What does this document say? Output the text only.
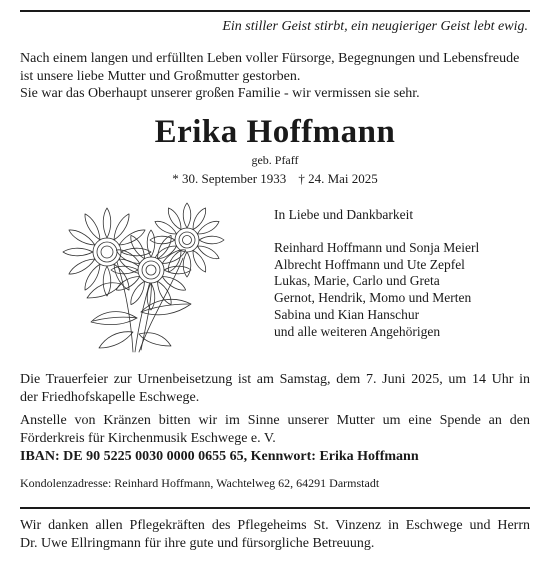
Ein stiller Geist stirbt, ein neugieriger Geist lebt ewig.
Nach einem langen und erfüllten Leben voller Fürsorge, Begegnungen und Lebensfreude
ist unsere liebe Mutter und Großmutter gestorben.
Sie war das Oberhaupt unserer großen Familie - wir vermissen sie sehr.
Erika Hoffmann
geb. Pfaff
* 30. September 1933 † 24. Mai 2025
In Liebe und Dankbarkeit
Reinhard Hoffmann und Sonja Meierl
Albrecht Hoffmann und Ute Zepfel
Lukas, Marie, Carlo und Greta
Gernot, Hendrik, Momo und Merten
Sabina und Kian Hanschur
und alle weiteren Angehörigen
Die Trauerfeier zur Urnenbeisetzung ist am Samstag, dem 7. Juni 2025, um 14 Uhr in
der Friedhofskapelle Eschwege.
Anstelle von Kränzen bitten wir im Sinne unserer Mutter um eine Spende an den
Förderkreis für Kirchenmusik Eschwege e. V.
IBAN: DE 90 5225 0030 0000 0655 65, Kennwort: Erika Hoffmann
Kondolenzadresse: Reinhard Hoffmann, Wachtelweg 62, 64291 Darmstadt
Wir danken allen Pflegekräften des Pflegeheims St. Vinzenz in Eschwege und Herrn
Dr. Uwe Ellringmann für ihre gute und fürsorgliche Betreuung.
